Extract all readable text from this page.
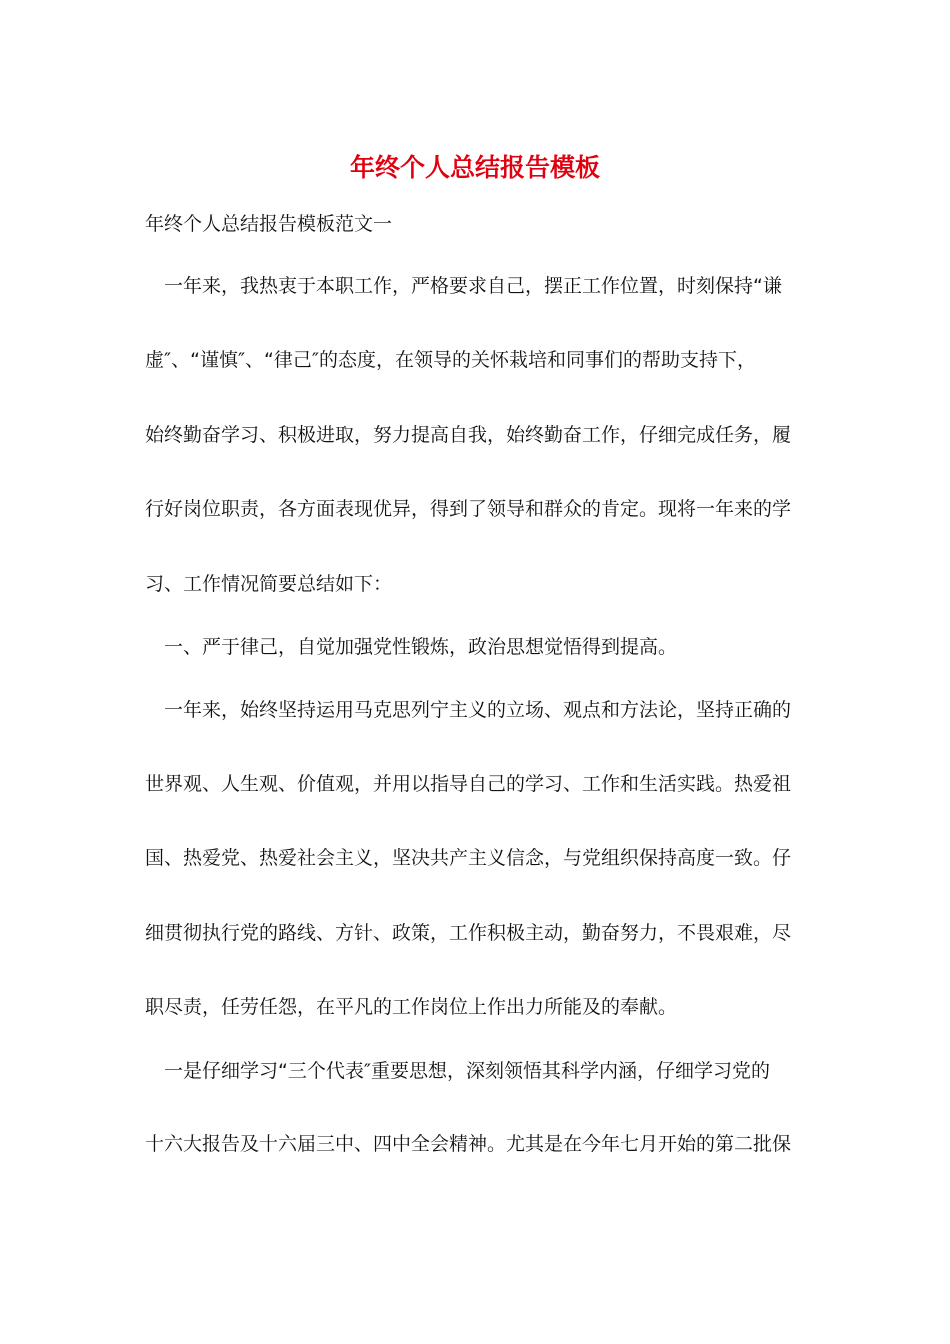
年终个人总结报告模板
年终个人总结报告模板范文一
一年来，我热衷于本职工作，严格要求自己，摆正工作位置，时刻保持“谦
虚″、“谨慎″、“律己″的态度，在领导的关怀栽培和同事们的帮助支持下，
始终勤奋学习、积极进取，努力提高自我，始终勤奋工作，仔细完成任务，履
行好岗位职责，各方面表现优异，得到了领导和群众的肯定。现将一年来的学
习、工作情况简要总结如下：
一、严于律己，自觉加强党性锻炼，政治思想觉悟得到提高。
一年来，始终坚持运用马克思列宁主义的立场、观点和方法论，坚持正确的
世界观、人生观、价值观，并用以指导自己的学习、工作和生活实践。热爱祖
国、热爱党、热爱社会主义，坚决共产主义信念，与党组织保持高度一致。仔
细贯彻执行党的路线、方针、政策，工作积极主动，勤奋努力，不畏艰难，尽
职尽责，任劳任怨，在平凡的工作岗位上作出力所能及的奉献。
一是仔细学习“三个代表″重要思想，深刻领悟其科学内涵，仔细学习党的
十六大报告及十六届三中、四中全会精神。尤其是在今年七月开始的第二批保
